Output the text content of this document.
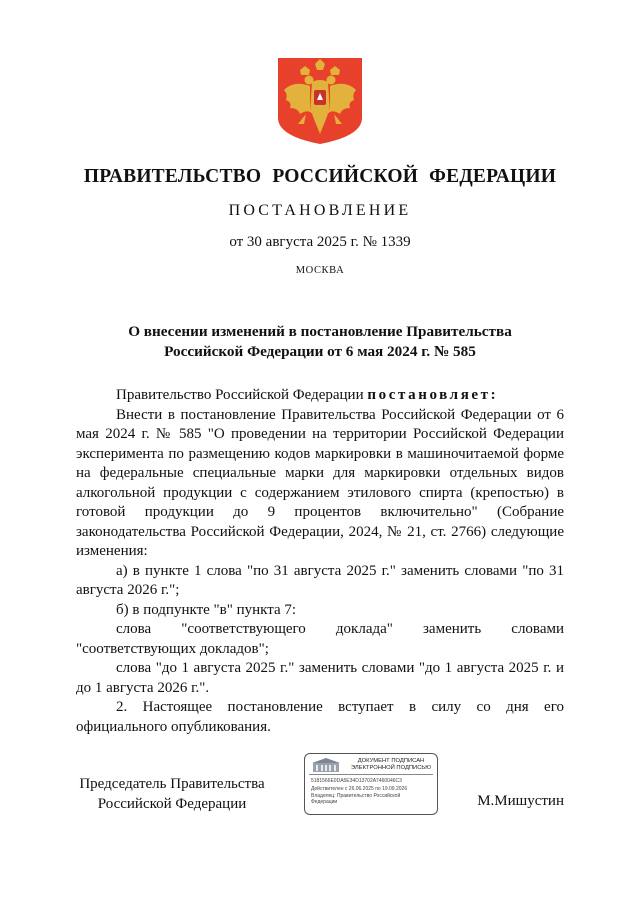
ПРАВИТЕЛЬСТВО РОССИЙСКОЙ ФЕДЕРАЦИИ
ПОСТАНОВЛЕНИЕ
от 30 августа 2025 г. № 1339
МОСКВА
О внесении изменений в постановление Правительства
Российской Федерации от 6 мая 2024 г. № 585

Правительство Российской Федерации постановляет:

Внести в постановление Правительства Российской Федерации от 6 мая 2024 г. № 585 "О проведении на территории Российской Федерации эксперимента по размещению кодов маркировки в машиночитаемой форме на федеральные специальные марки для маркировки отдельных видов алкогольной продукции с содержанием этилового спирта (крепостью) в готовой продукции до 9 процентов включительно" (Собрание законодательства Российской Федерации, 2024, № 21, ст. 2766) следующие изменения:

а) в пункте 1 слова "по 31 августа 2025 г." заменить словами "по 31 августа 2026 г.";

б) в подпункте "в" пункта 7:

слова "соответствующего доклада" заменить словами "соответствующих докладов";

слова "до 1 августа 2025 г." заменить словами "до 1 августа 2025 г. и до 1 августа 2026 г.".

2. Настоящее постановление вступает в силу со дня его официального опубликования.

Председатель Правительства
Российской Федерации
ДОКУМЕНТ ПОДПИСАН
ЭЛЕКТРОННОЙ ПОДПИСЬЮ
5181566E0DA5E34D13702A7460046C3
Действителен с 26.06.2025 по 19.09.2026
Владелец: Правительство Российской
Федерации	М.Мишустин
